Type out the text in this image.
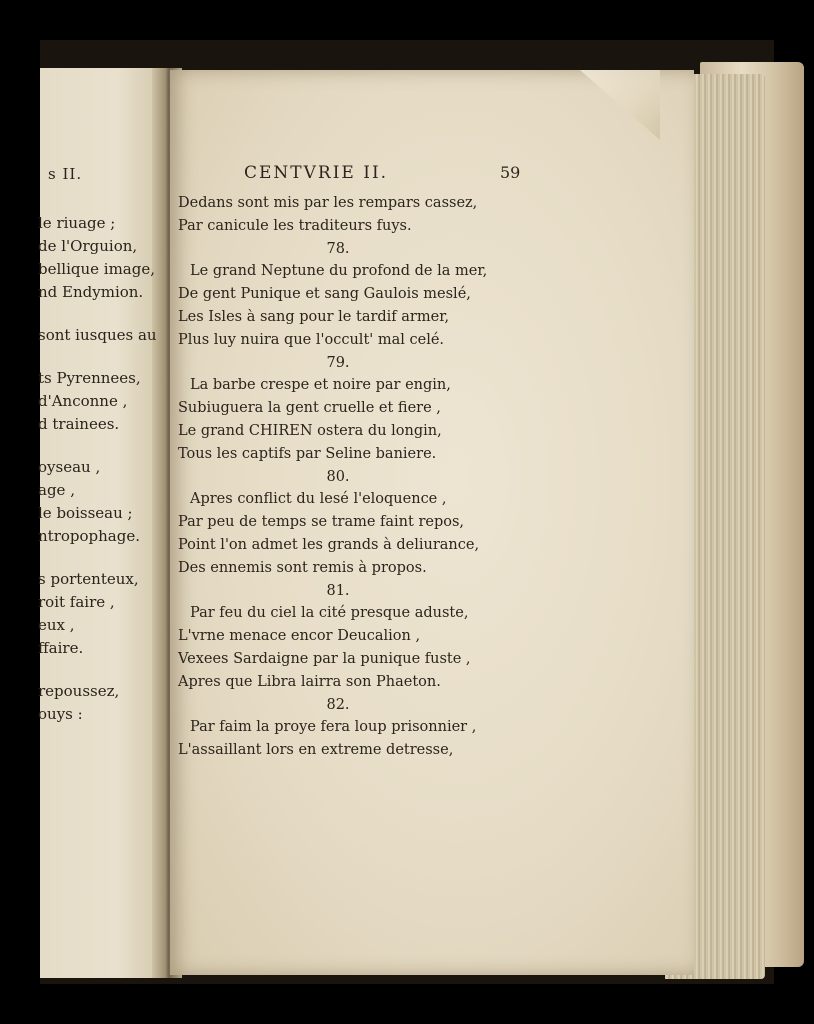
s II.
le riuage ;
de l'Orguion,
bellique image,
nd Endymion.
sont iusques au
ts Pyrennees,
d'Anconne ,
d trainees.
oyseau ,
age ,
le boisseau ;
ntropophage.
s portenteux,
roit faire ,
eux ,
ffaire.
repoussez,
ouys :
CENTVRIE II.	59
Dedans sont mis par les rempars cassez,
Par canicule les traditeurs fuys.
78.
Le grand Neptune du profond de la mer,
De gent Punique et sang Gaulois meslé,
Les Isles à sang pour le tardif armer,
Plus luy nuira que l'occult' mal celé.
79.
La barbe crespe et noire par engin,
Subiuguera la gent cruelle et fiere ,
Le grand CHIREN ostera du longin,
Tous les captifs par Seline baniere.
80.
Apres conflict du lesé l'eloquence ,
Par peu de temps se trame faint repos,
Point l'on admet les grands à deliurance,
Des ennemis sont remis à propos.
81.
Par feu du ciel la cité presque aduste,
L'vrne menace encor Deucalion ,
Vexees Sardaigne par la punique fuste ,
Apres que Libra lairra son Phaeton.
82.
Par faim la proye fera loup prisonnier ,
L'assaillant lors en extreme detresse,
